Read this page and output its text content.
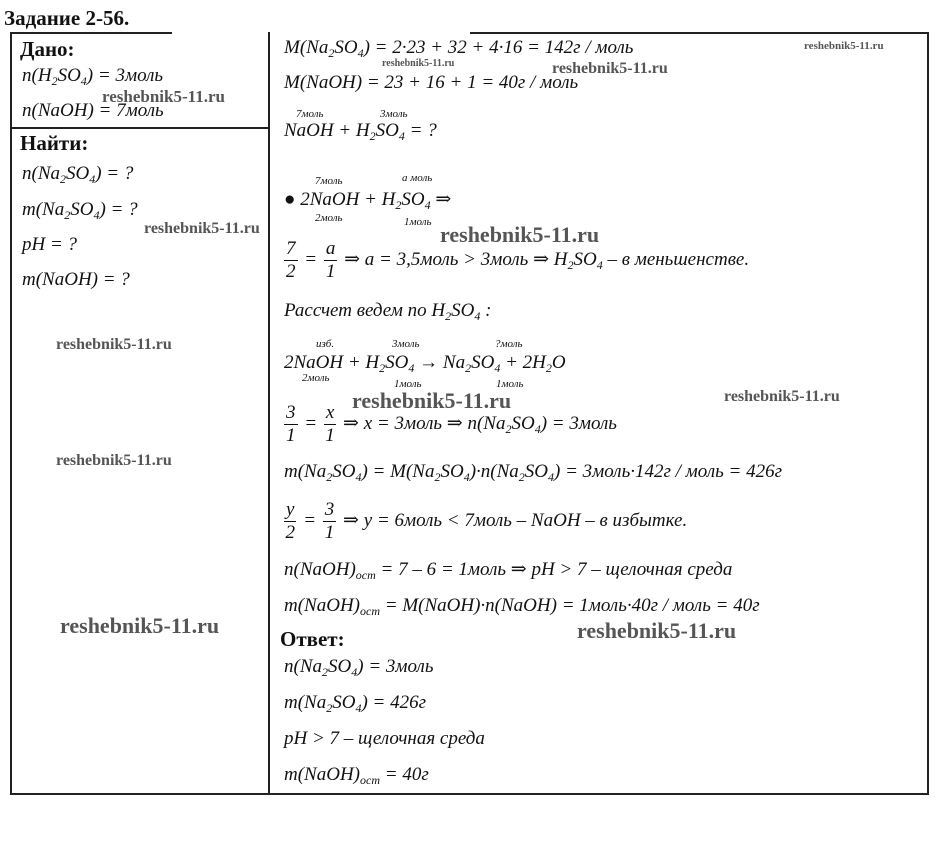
Задание 2-56.
Дано:
$n(H_2SO_4)$ = 3моль
n(NaOH) = 7моль
Найти:
$n(Na_2SO_4)$ = ?
$m(Na_2SO_4)$ = ?
pH = ?
m(NaOH) = ?
$M(Na_2SO_4) = 2\cdot 23 + 32 + 4\cdot 16 = 142г$ / моль
M(NaOH) = 23 + 16 + 1 = 40г / моль
7моль	3моль
NaOH + $H_2SO_4$ = ?
7моль	a моль
● 2NaOH + $H_2SO_4$ ⇒
2моль	1моль
$\frac{7}{2} = \frac{a}{1}$ ⇒ a = 3,5моль > 3моль ⇒ $H_2SO_4$ – в меньшенстве.
Рассчет ведем по $H_2SO_4$ :
изб.	3моль	?моль
2NaOH + $H_2SO_4 \to Na_2SO_4 + 2H_2O$
2моль	1моль	1моль
$\frac{3}{1} = \frac{x}{1}$ ⇒ x = 3моль ⇒ $n(Na_2SO_4)$ = 3моль
$m(Na_2SO_4) = M(Na_2SO_4)\cdot n(Na_2SO_4)$ = 3моль·142г / моль = 426г
$\frac{y}{2} = \frac{3}{1}$ ⇒ y = 6моль < 7моль – NaOH – в избытке.
$n(NaOH)_{ост} = 7 - 6$ = 1моль ⇒ pH > 7 – щелочная среда
$m(NaOH)_{ост}$ = M(NaOH)·n(NaOH) = 1моль·40г / моль = 40г
Ответ:
$n(Na_2SO_4)$ = 3моль
$m(Na_2SO_4) = 426г$
pH > 7 – щелочная среда
$m(NaOH)_{ост} = 40г$
reshebnik5-11.ru
reshebnik5-11.ru	reshebnik5-11.ru
reshebnik5-11.ru
reshebnik5-11.ru	reshebnik5-11.ru
reshebnik5-11.ru
reshebnik5-11.ru	reshebnik5-11.ru
reshebnik5-11.ru
reshebnik5-11.ru	reshebnik5-11.ru
